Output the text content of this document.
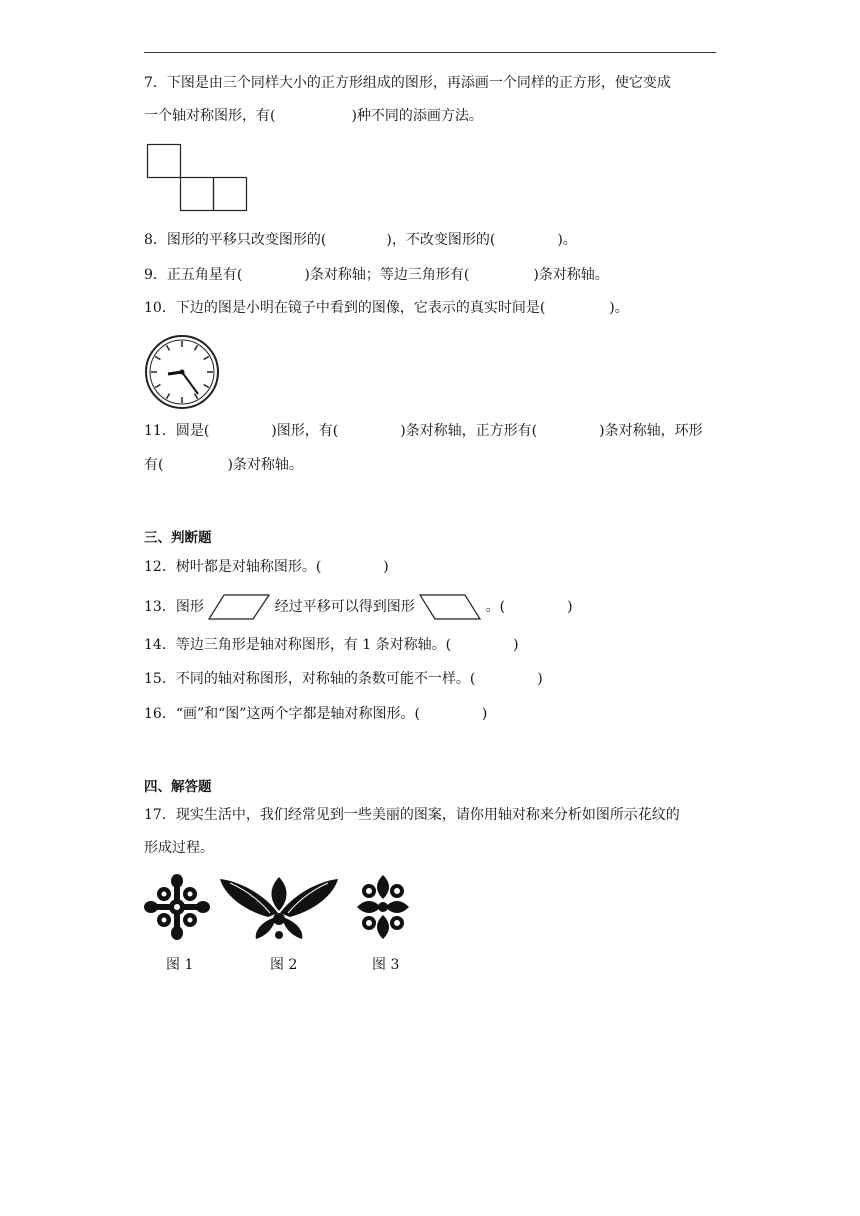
7．下图是由三个同样大小的正方形组成的图形，再添画一个同样的正方形，使它变成
一个轴对称图形，有(	)种不同的添画方法。
8．图形的平移只改变图形的(	)，不改变图形的(	)。
9．正五角星有(	)条对称轴；等边三角形有(	)条对称轴。
10．下边的图是小明在镜子中看到的图像，它表示的真实时间是(	)。
11．圆是(	)图形，有(	)条对称轴，正方形有(	)条对称轴，环形
有(	)条对称轴。
三、判断题
12．树叶都是对轴称图形。(	)
13．图形	经过平移可以得到图形	。(	)
14．等边三角形是轴对称图形，有 1 条对称轴。(	)
15．不同的轴对称图形，对称轴的条数可能不一样。(	)
16．“画”和“图”这两个字都是轴对称图形。(	)
四、解答题
17．现实生活中，我们经常见到一些美丽的图案，请你用轴对称来分析如图所示花纹的
形成过程。
图 1	图 2	图 3
